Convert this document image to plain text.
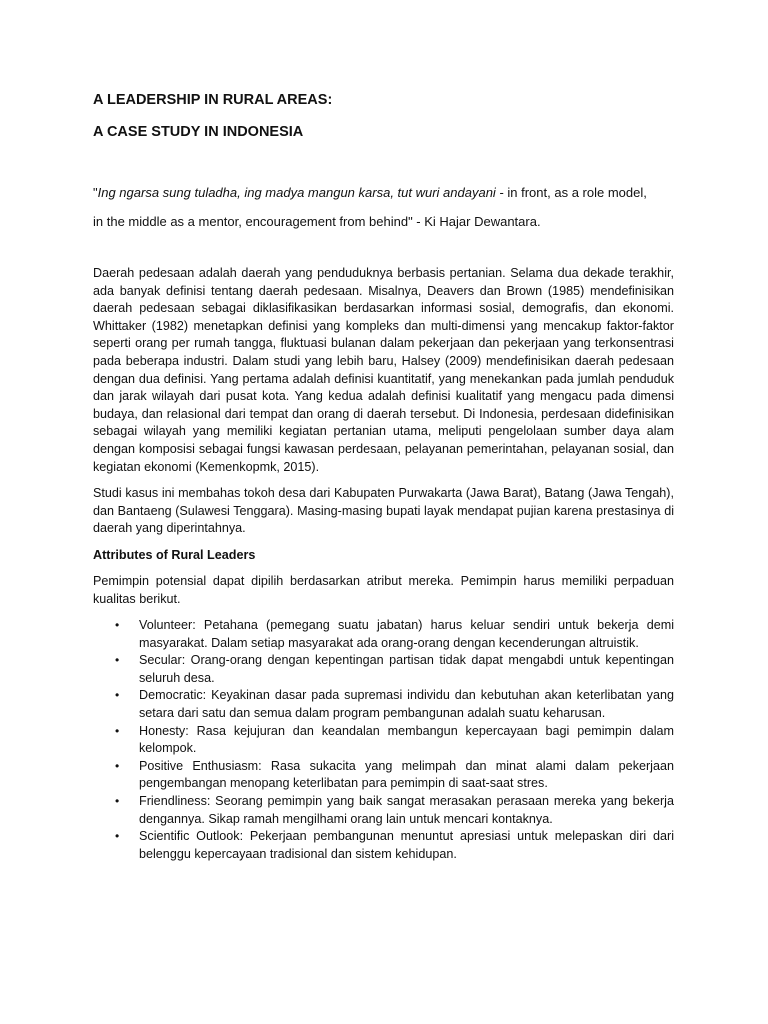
A LEADERSHIP IN RURAL AREAS:
A CASE STUDY IN INDONESIA

"Ing ngarsa sung tuladha, ing madya mangun karsa, tut wuri andayani - in front, as a role model,

in the middle as a mentor, encouragement from behind" - Ki Hajar Dewantara.

Daerah pedesaan adalah daerah yang penduduknya berbasis pertanian. Selama dua dekade terakhir, ada banyak definisi tentang daerah pedesaan. Misalnya, Deavers dan Brown (1985) mendefinisikan daerah pedesaan sebagai diklasifikasikan berdasarkan informasi sosial, demografis, dan ekonomi. Whittaker (1982) menetapkan definisi yang kompleks dan multi-dimensi yang mencakup faktor-faktor seperti orang per rumah tangga, fluktuasi bulanan dalam pekerjaan dan pekerjaan yang terkonsentrasi pada beberapa industri. Dalam studi yang lebih baru, Halsey (2009) mendefinisikan daerah pedesaan dengan dua definisi. Yang pertama adalah definisi kuantitatif, yang menekankan pada jumlah penduduk dan jarak wilayah dari pusat kota. Yang kedua adalah definisi kualitatif yang mengacu pada dimensi budaya, dan relasional dari tempat dan orang di daerah tersebut. Di Indonesia, perdesaan didefinisikan sebagai wilayah yang memiliki kegiatan pertanian utama, meliputi pengelolaan sumber daya alam dengan komposisi sebagai fungsi kawasan perdesaan, pelayanan pemerintahan, pelayanan sosial, dan kegiatan ekonomi (Kemenkopmk, 2015).

Studi kasus ini membahas tokoh desa dari Kabupaten Purwakarta (Jawa Barat), Batang (Jawa Tengah), dan Bantaeng (Sulawesi Tenggara). Masing-masing bupati layak mendapat pujian karena prestasinya di daerah yang diperintahnya.

Attributes of Rural Leaders

Pemimpin potensial dapat dipilih berdasarkan atribut mereka. Pemimpin harus memiliki perpaduan kualitas berikut.

• Volunteer: Petahana (pemegang suatu jabatan) harus keluar sendiri untuk bekerja demi masyarakat. Dalam setiap masyarakat ada orang-orang dengan kecenderungan altruistik.
• Secular: Orang-orang dengan kepentingan partisan tidak dapat mengabdi untuk kepentingan seluruh desa.
• Democratic: Keyakinan dasar pada supremasi individu dan kebutuhan akan keterlibatan yang setara dari satu dan semua dalam program pembangunan adalah suatu keharusan.
• Honesty: Rasa kejujuran dan keandalan membangun kepercayaan bagi pemimpin dalam kelompok.
• Positive Enthusiasm: Rasa sukacita yang melimpah dan minat alami dalam pekerjaan pengembangan menopang keterlibatan para pemimpin di saat-saat stres.
• Friendliness: Seorang pemimpin yang baik sangat merasakan perasaan mereka yang bekerja dengannya. Sikap ramah mengilhami orang lain untuk mencari kontaknya.
• Scientific Outlook: Pekerjaan pembangunan menuntut apresiasi untuk melepaskan diri dari belenggu kepercayaan tradisional dan sistem kehidupan.
